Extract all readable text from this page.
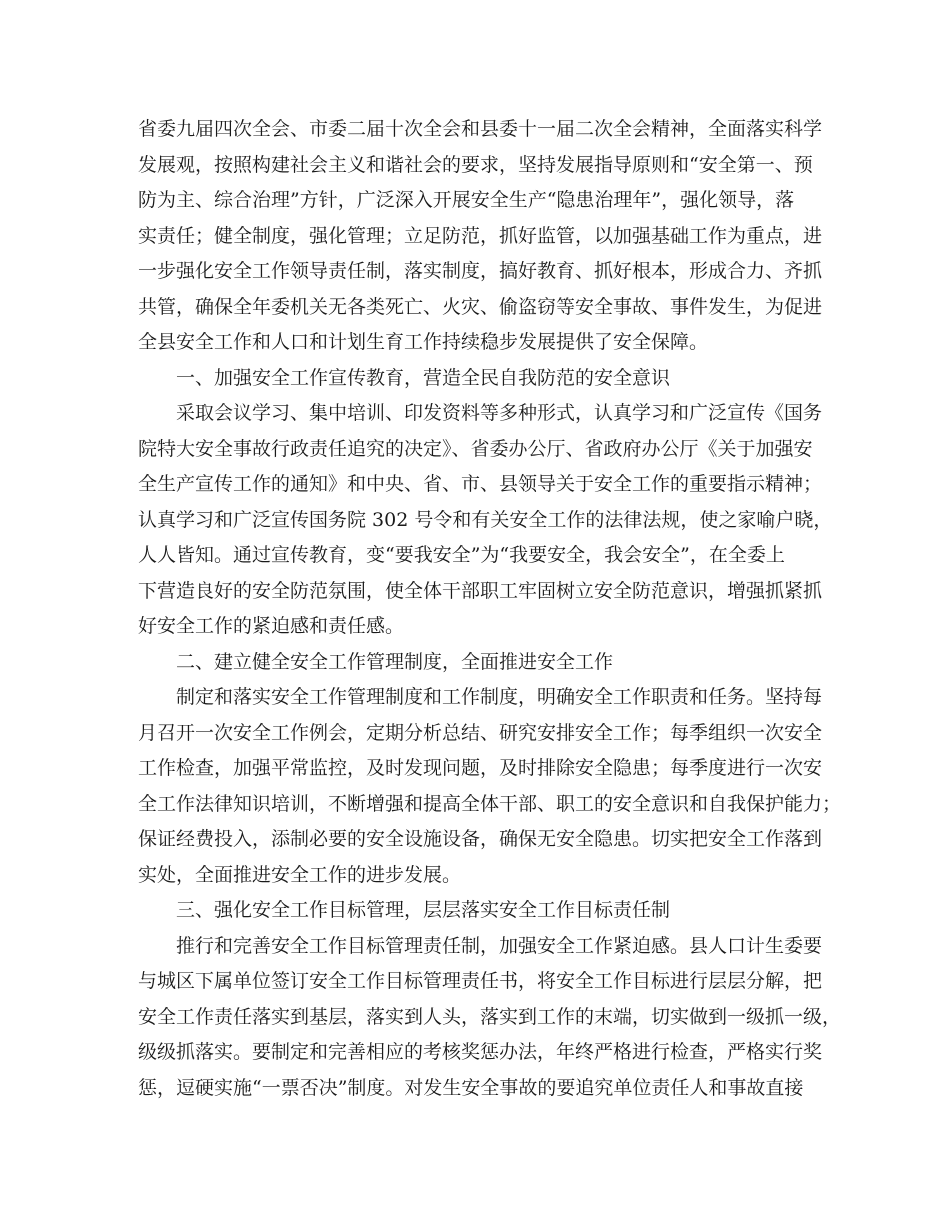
省委九届四次全会、市委二届十次全会和县委十一届二次全会精神，全面落实科学
发展观，按照构建社会主义和谐社会的要求，坚持发展指导原则和“安全第一、预
防为主、综合治理”方针，广泛深入开展安全生产“隐患治理年”，强化领导，落
实责任；健全制度，强化管理；立足防范，抓好监管，以加强基础工作为重点，进
一步强化安全工作领导责任制，落实制度，搞好教育、抓好根本，形成合力、齐抓
共管，确保全年委机关无各类死亡、火灾、偷盗窃等安全事故、事件发生，为促进
全县安全工作和人口和计划生育工作持续稳步发展提供了安全保障。
一、加强安全工作宣传教育，营造全民自我防范的安全意识
采取会议学习、集中培训、印发资料等多种形式，认真学习和广泛宣传《国务
院特大安全事故行政责任追究的决定》、省委办公厅、省政府办公厅《关于加强安
全生产宣传工作的通知》和中央、省、市、县领导关于安全工作的重要指示精神；
认真学习和广泛宣传国务院 302 号令和有关安全工作的法律法规，使之家喻户晓，
人人皆知。通过宣传教育，变“要我安全”为“我要安全，我会安全”，在全委上
下营造良好的安全防范氛围，使全体干部职工牢固树立安全防范意识，增强抓紧抓
好安全工作的紧迫感和责任感。
二、建立健全安全工作管理制度，全面推进安全工作
制定和落实安全工作管理制度和工作制度，明确安全工作职责和任务。坚持每
月召开一次安全工作例会，定期分析总结、研究安排安全工作；每季组织一次安全
工作检查，加强平常监控，及时发现问题，及时排除安全隐患；每季度进行一次安
全工作法律知识培训，不断增强和提高全体干部、职工的安全意识和自我保护能力；
保证经费投入，添制必要的安全设施设备，确保无安全隐患。切实把安全工作落到
实处，全面推进安全工作的进步发展。
三、强化安全工作目标管理，层层落实安全工作目标责任制
推行和完善安全工作目标管理责任制，加强安全工作紧迫感。县人口计生委要
与城区下属单位签订安全工作目标管理责任书，将安全工作目标进行层层分解，把
安全工作责任落实到基层，落实到人头，落实到工作的末端，切实做到一级抓一级，
级级抓落实。要制定和完善相应的考核奖惩办法，年终严格进行检查，严格实行奖
惩，逗硬实施“一票否决”制度。对发生安全事故的要追究单位责任人和事故直接
